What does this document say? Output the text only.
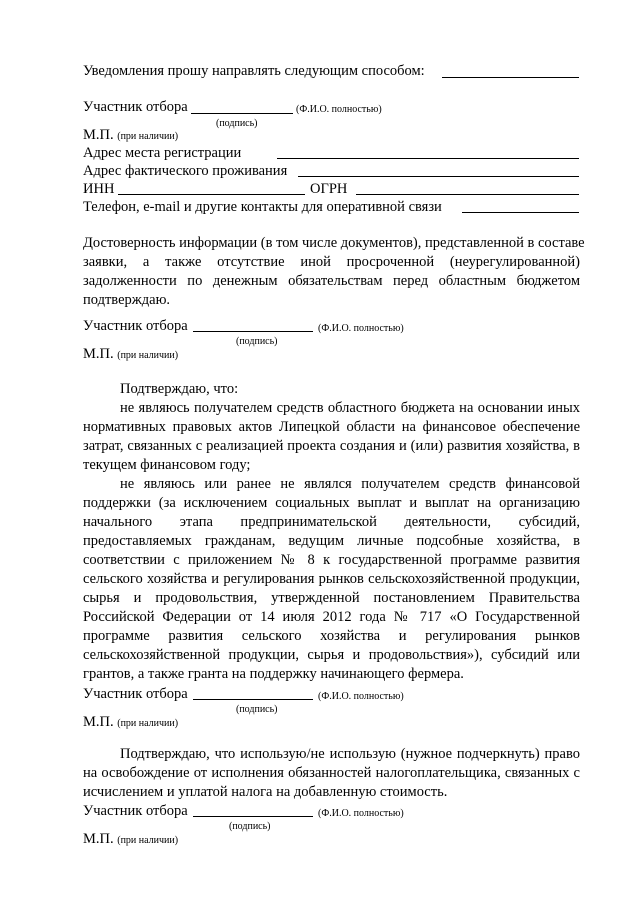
Уведомления прошу направлять следующим способом:
Участник отбора	(Ф.И.О. полностью)
(подпись)
М.П. (при наличии)
Адрес места регистрации
Адрес фактического проживания
ИНН	ОГРН
Телефон, e-mail и другие контакты для оперативной связи
Достоверность информации (в том числе документов), представленной в составе
заявки, а также отсутствие иной просроченной (неурегулированной)
задолженности по денежным обязательствам перед областным бюджетом
подтверждаю.
Участник отбора	(Ф.И.О. полностью)
(подпись)
М.П. (при наличии)
Подтверждаю, что:
не являюсь получателем средств областного бюджета на основании иных
нормативных правовых актов Липецкой области на финансовое обеспечение
затрат, связанных с реализацией проекта создания и (или) развития хозяйства, в
текущем финансовом году;
не являюсь или ранее не являлся получателем средств финансовой
поддержки (за исключением социальных выплат и выплат на организацию
начального этапа предпринимательской деятельности, субсидий,
предоставляемых гражданам, ведущим личные подсобные хозяйства, в
соответствии с приложением № 8 к государственной программе развития
сельского хозяйства и регулирования рынков сельскохозяйственной продукции,
сырья и продовольствия, утвержденной постановлением Правительства
Российской Федерации от 14 июля 2012 года № 717 «О Государственной
программе развития сельского хозяйства и регулирования рынков
сельскохозяйственной продукции, сырья и продовольствия»), субсидий или
грантов, а также гранта на поддержку начинающего фермера.
Участник отбора	(Ф.И.О. полностью)
(подпись)
М.П. (при наличии)
Подтверждаю, что использую/не использую (нужное подчеркнуть) право
на освобождение от исполнения обязанностей налогоплательщика, связанных с
исчислением и уплатой налога на добавленную стоимость.
Участник отбора	(Ф.И.О. полностью)
(подпись)
М.П. (при наличии)
